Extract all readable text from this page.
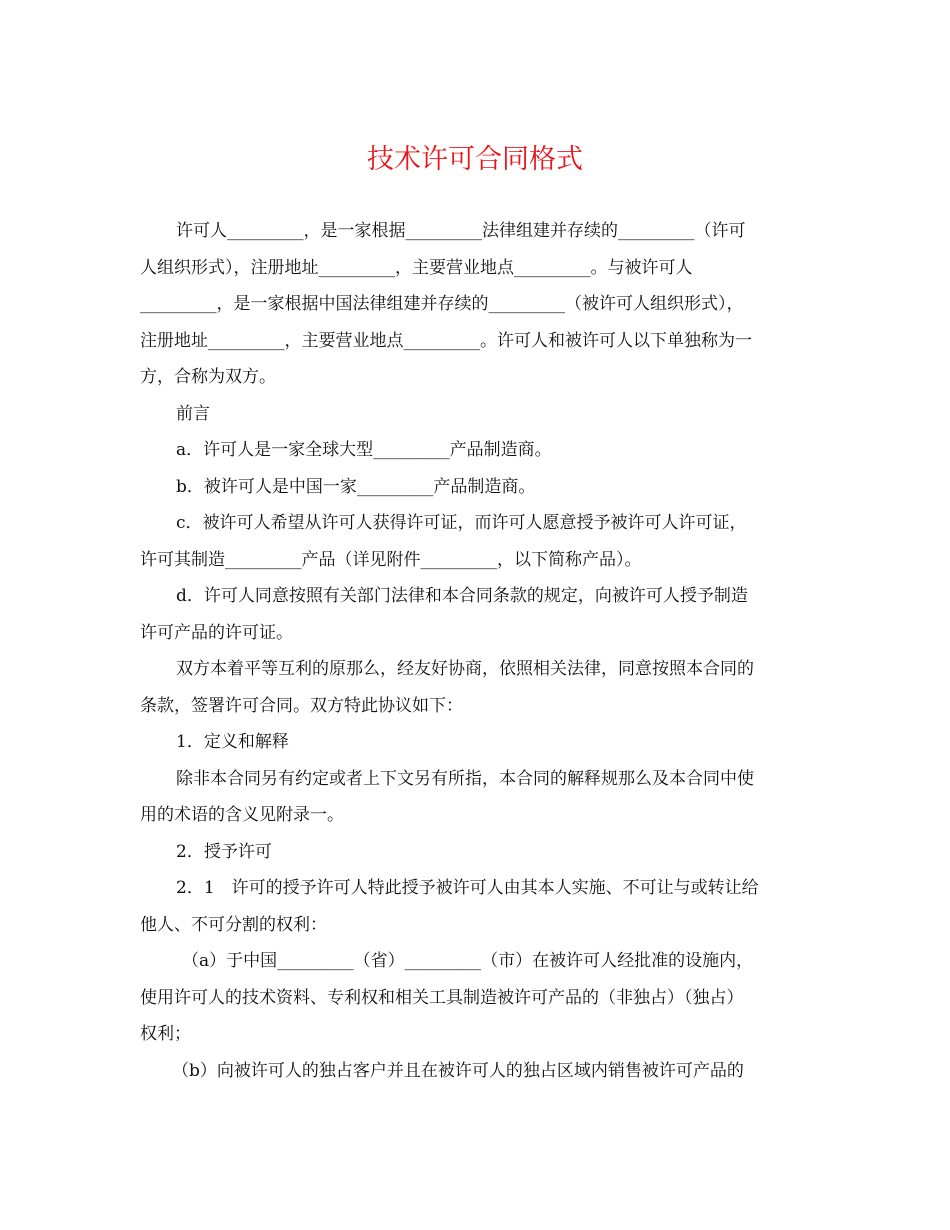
技术许可合同格式
许可人_________，是一家根据_________法律组建并存续的_________（许可
人组织形式），注册地址_________，主要营业地点_________。与被许可人
_________，是一家根据中国法律组建并存续的_________（被许可人组织形式），
注册地址_________，主要营业地点_________。许可人和被许可人以下单独称为一
方，合称为双方。
前言
a．许可人是一家全球大型_________产品制造商。
b．被许可人是中国一家_________产品制造商。
c．被许可人希望从许可人获得许可证，而许可人愿意授予被许可人许可证，
许可其制造_________产品（详见附件_________，以下简称产品）。
d．许可人同意按照有关部门法律和本合同条款的规定，向被许可人授予制造
许可产品的许可证。
双方本着平等互利的原那么，经友好协商，依照相关法律，同意按照本合同的
条款，签署许可合同。双方特此协议如下：
1．定义和解释
除非本合同另有约定或者上下文另有所指，本合同的解释规那么及本合同中使
用的术语的含义见附录一。
2．授予许可
2．1　许可的授予许可人特此授予被许可人由其本人实施、不可让与或转让给
他人、不可分割的权利：
（a）于中国_________（省）_________（市）在被许可人经批准的设施内，
使用许可人的技术资料、专利权和相关工具制造被许可产品的（非独占）（独占）
权利；
（b）向被许可人的独占客户并且在被许可人的独占区域内销售被许可产品的
